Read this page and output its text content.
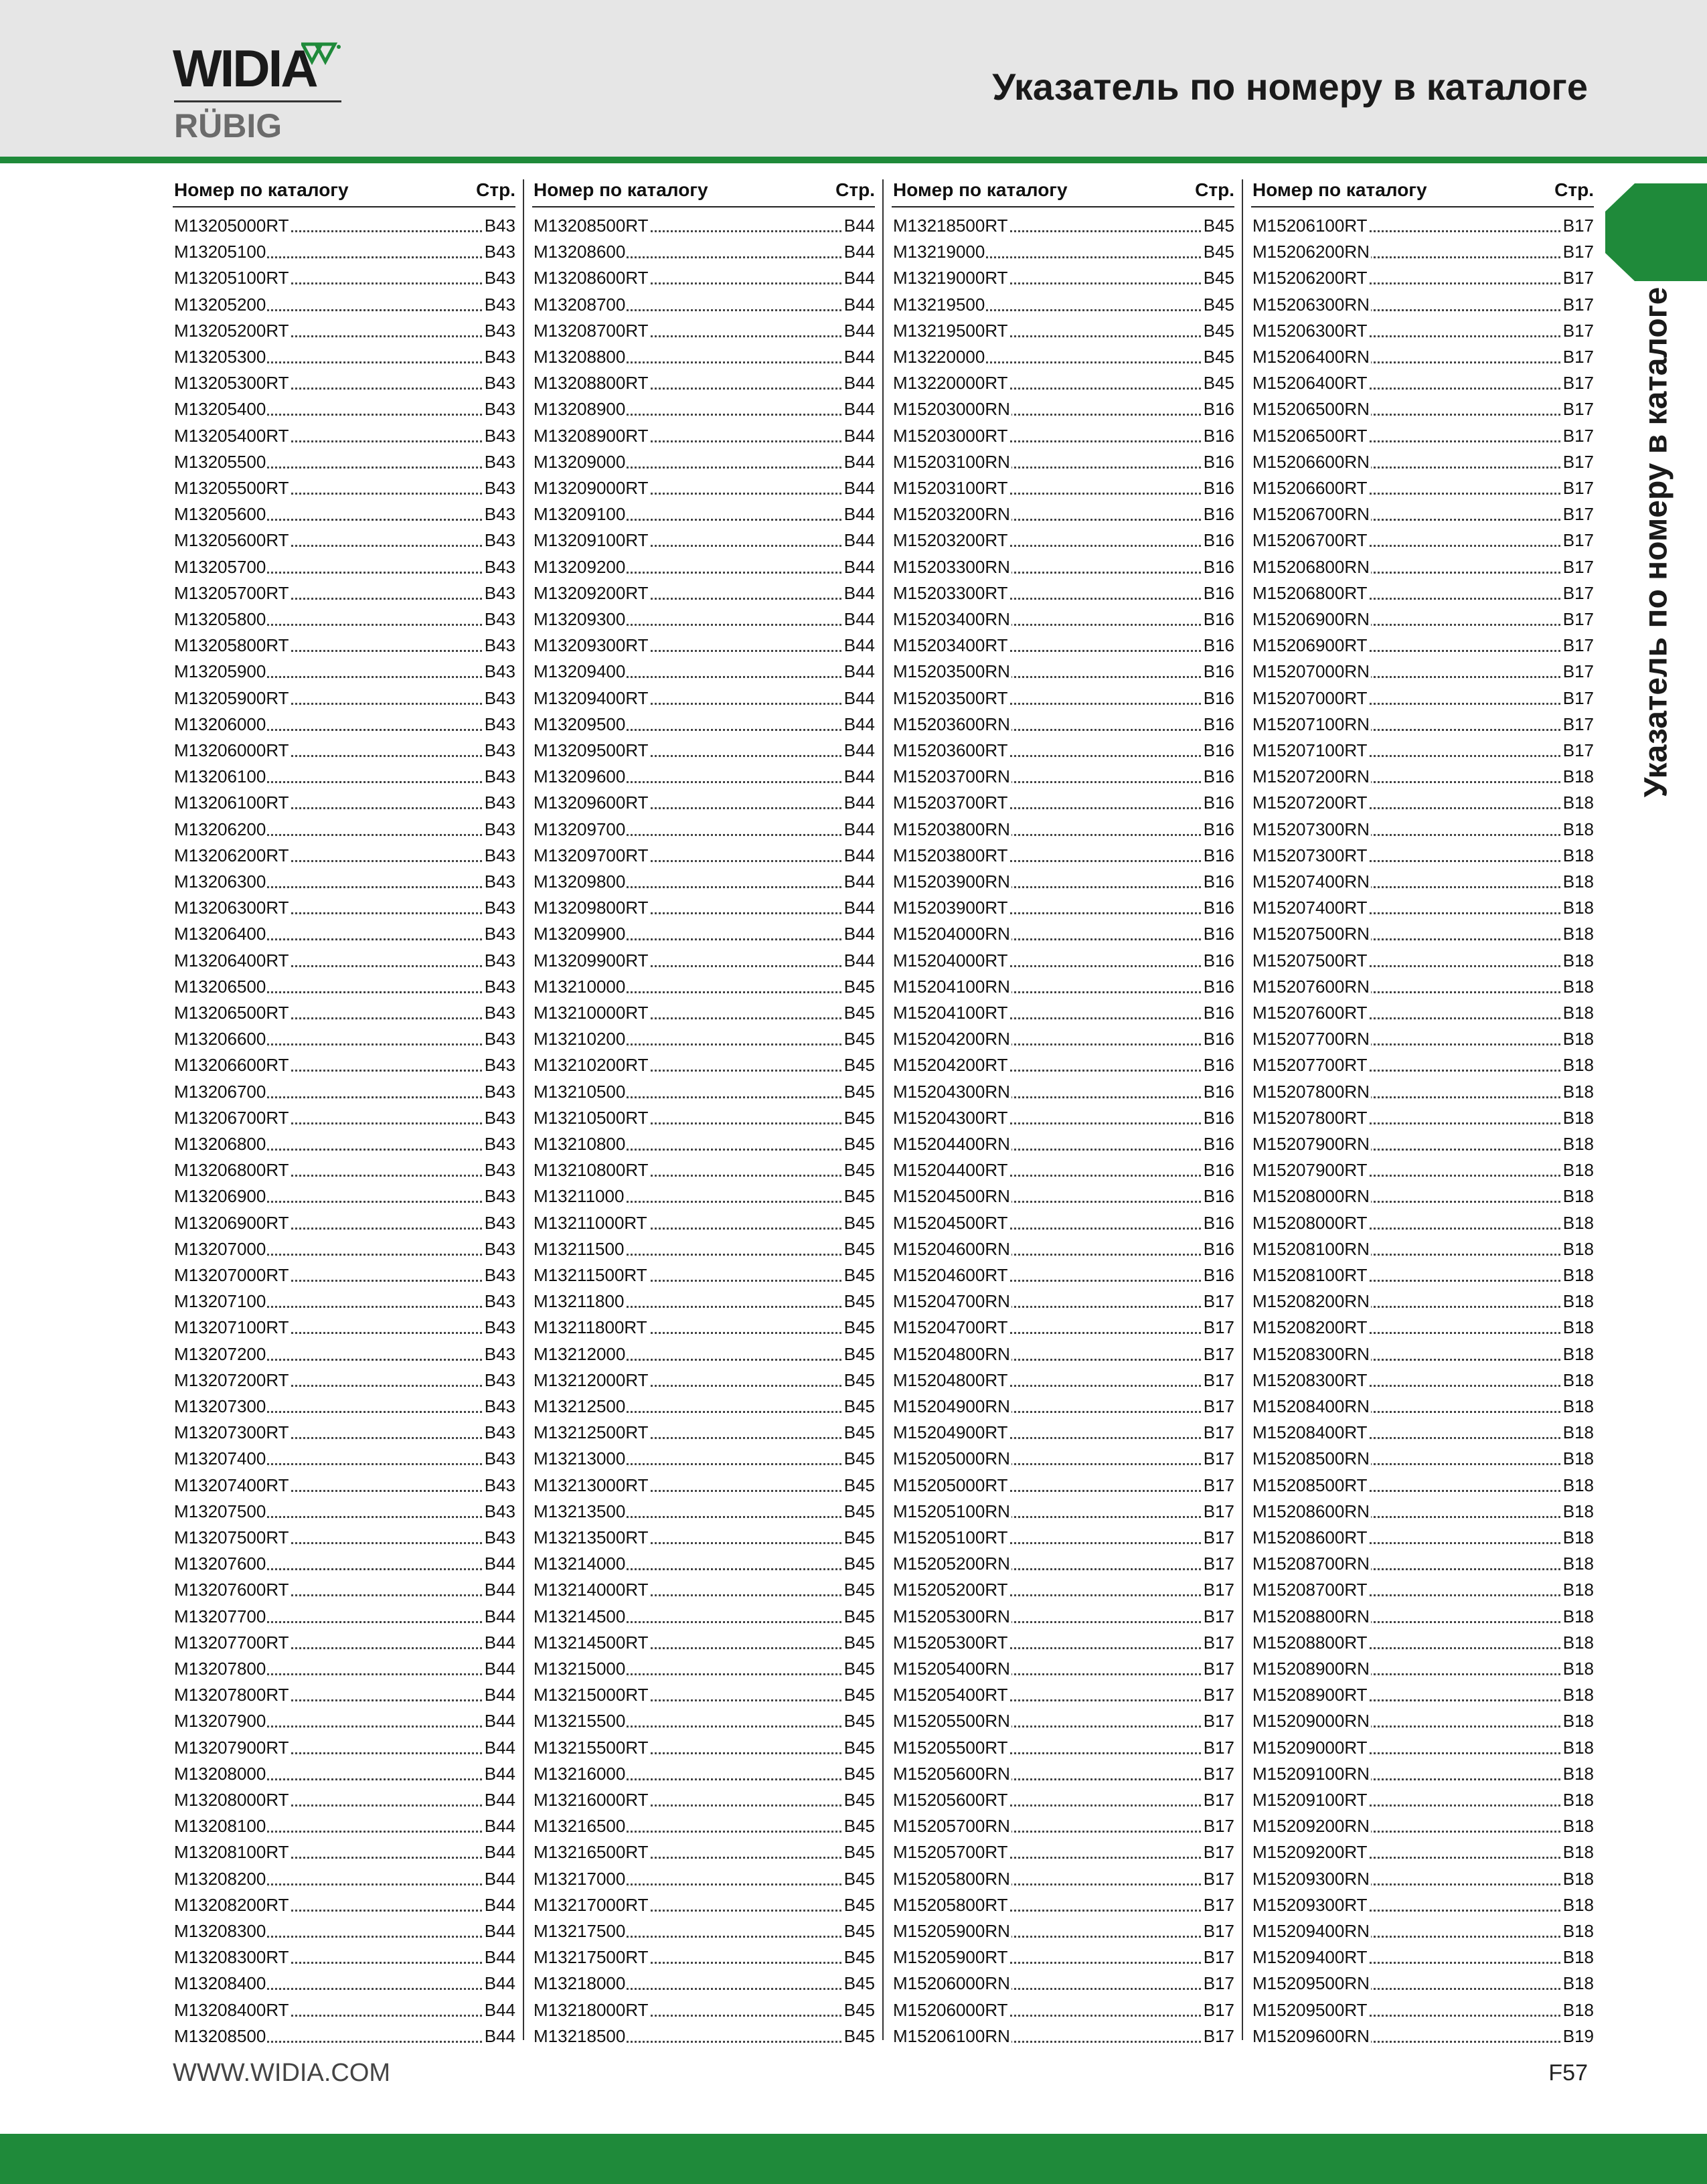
WIDIA
RÜBIG
Указатель по номеру в каталоге
Указатель по номеру в каталоге
Номер по каталогу	Стр.
M13205000RT	B43
M13205100	B43
M13205100RT	B43
M13205200	B43
M13205200RT	B43
M13205300	B43
M13205300RT	B43
M13205400	B43
M13205400RT	B43
M13205500	B43
M13205500RT	B43
M13205600	B43
M13205600RT	B43
M13205700	B43
M13205700RT	B43
M13205800	B43
M13205800RT	B43
M13205900	B43
M13205900RT	B43
M13206000	B43
M13206000RT	B43
M13206100	B43
M13206100RT	B43
M13206200	B43
M13206200RT	B43
M13206300	B43
M13206300RT	B43
M13206400	B43
M13206400RT	B43
M13206500	B43
M13206500RT	B43
M13206600	B43
M13206600RT	B43
M13206700	B43
M13206700RT	B43
M13206800	B43
M13206800RT	B43
M13206900	B43
M13206900RT	B43
M13207000	B43
M13207000RT	B43
M13207100	B43
M13207100RT	B43
M13207200	B43
M13207200RT	B43
M13207300	B43
M13207300RT	B43
M13207400	B43
M13207400RT	B43
M13207500	B43
M13207500RT	B43
M13207600	B44
M13207600RT	B44
M13207700	B44
M13207700RT	B44
M13207800	B44
M13207800RT	B44
M13207900	B44
M13207900RT	B44
M13208000	B44
M13208000RT	B44
M13208100	B44
M13208100RT	B44
M13208200	B44
M13208200RT	B44
M13208300	B44
M13208300RT	B44
M13208400	B44
M13208400RT	B44
M13208500	B44
Номер по каталогу	Стр.
M13208500RT	B44
M13208600	B44
M13208600RT	B44
M13208700	B44
M13208700RT	B44
M13208800	B44
M13208800RT	B44
M13208900	B44
M13208900RT	B44
M13209000	B44
M13209000RT	B44
M13209100	B44
M13209100RT	B44
M13209200	B44
M13209200RT	B44
M13209300	B44
M13209300RT	B44
M13209400	B44
M13209400RT	B44
M13209500	B44
M13209500RT	B44
M13209600	B44
M13209600RT	B44
M13209700	B44
M13209700RT	B44
M13209800	B44
M13209800RT	B44
M13209900	B44
M13209900RT	B44
M13210000	B45
M13210000RT	B45
M13210200	B45
M13210200RT	B45
M13210500	B45
M13210500RT	B45
M13210800	B45
M13210800RT	B45
M13211000	B45
M13211000RT	B45
M13211500	B45
M13211500RT	B45
M13211800	B45
M13211800RT	B45
M13212000	B45
M13212000RT	B45
M13212500	B45
M13212500RT	B45
M13213000	B45
M13213000RT	B45
M13213500	B45
M13213500RT	B45
M13214000	B45
M13214000RT	B45
M13214500	B45
M13214500RT	B45
M13215000	B45
M13215000RT	B45
M13215500	B45
M13215500RT	B45
M13216000	B45
M13216000RT	B45
M13216500	B45
M13216500RT	B45
M13217000	B45
M13217000RT	B45
M13217500	B45
M13217500RT	B45
M13218000	B45
M13218000RT	B45
M13218500	B45
Номер по каталогу	Стр.
M13218500RT	B45
M13219000	B45
M13219000RT	B45
M13219500	B45
M13219500RT	B45
M13220000	B45
M13220000RT	B45
M15203000RN	B16
M15203000RT	B16
M15203100RN	B16
M15203100RT	B16
M15203200RN	B16
M15203200RT	B16
M15203300RN	B16
M15203300RT	B16
M15203400RN	B16
M15203400RT	B16
M15203500RN	B16
M15203500RT	B16
M15203600RN	B16
M15203600RT	B16
M15203700RN	B16
M15203700RT	B16
M15203800RN	B16
M15203800RT	B16
M15203900RN	B16
M15203900RT	B16
M15204000RN	B16
M15204000RT	B16
M15204100RN	B16
M15204100RT	B16
M15204200RN	B16
M15204200RT	B16
M15204300RN	B16
M15204300RT	B16
M15204400RN	B16
M15204400RT	B16
M15204500RN	B16
M15204500RT	B16
M15204600RN	B16
M15204600RT	B16
M15204700RN	B17
M15204700RT	B17
M15204800RN	B17
M15204800RT	B17
M15204900RN	B17
M15204900RT	B17
M15205000RN	B17
M15205000RT	B17
M15205100RN	B17
M15205100RT	B17
M15205200RN	B17
M15205200RT	B17
M15205300RN	B17
M15205300RT	B17
M15205400RN	B17
M15205400RT	B17
M15205500RN	B17
M15205500RT	B17
M15205600RN	B17
M15205600RT	B17
M15205700RN	B17
M15205700RT	B17
M15205800RN	B17
M15205800RT	B17
M15205900RN	B17
M15205900RT	B17
M15206000RN	B17
M15206000RT	B17
M15206100RN	B17
Номер по каталогу	Стр.
M15206100RT	B17
M15206200RN	B17
M15206200RT	B17
M15206300RN	B17
M15206300RT	B17
M15206400RN	B17
M15206400RT	B17
M15206500RN	B17
M15206500RT	B17
M15206600RN	B17
M15206600RT	B17
M15206700RN	B17
M15206700RT	B17
M15206800RN	B17
M15206800RT	B17
M15206900RN	B17
M15206900RT	B17
M15207000RN	B17
M15207000RT	B17
M15207100RN	B17
M15207100RT	B17
M15207200RN	B18
M15207200RT	B18
M15207300RN	B18
M15207300RT	B18
M15207400RN	B18
M15207400RT	B18
M15207500RN	B18
M15207500RT	B18
M15207600RN	B18
M15207600RT	B18
M15207700RN	B18
M15207700RT	B18
M15207800RN	B18
M15207800RT	B18
M15207900RN	B18
M15207900RT	B18
M15208000RN	B18
M15208000RT	B18
M15208100RN	B18
M15208100RT	B18
M15208200RN	B18
M15208200RT	B18
M15208300RN	B18
M15208300RT	B18
M15208400RN	B18
M15208400RT	B18
M15208500RN	B18
M15208500RT	B18
M15208600RN	B18
M15208600RT	B18
M15208700RN	B18
M15208700RT	B18
M15208800RN	B18
M15208800RT	B18
M15208900RN	B18
M15208900RT	B18
M15209000RN	B18
M15209000RT	B18
M15209100RN	B18
M15209100RT	B18
M15209200RN	B18
M15209200RT	B18
M15209300RN	B18
M15209300RT	B18
M15209400RN	B18
M15209400RT	B18
M15209500RN	B18
M15209500RT	B18
M15209600RN	B19
WWW.WIDIA.COM	F57
